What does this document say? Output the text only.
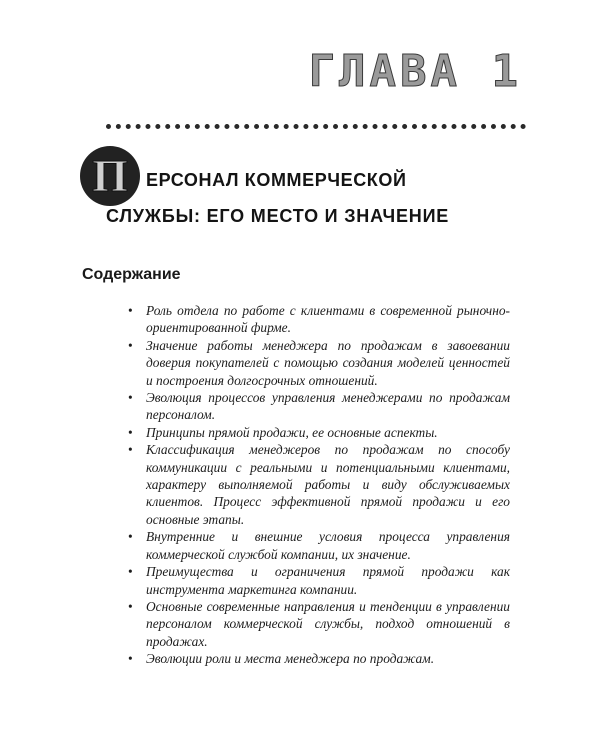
ГЛАВА 1
П ЕРСОНАЛ КОММЕРЧЕСКОЙ
СЛУЖБЫ: ЕГО МЕСТО И ЗНАЧЕНИЕ
Содержание
• Роль отдела по работе с клиентами в современной рыночно-ориентированной фирме.
• Значение работы менеджера по продажам в завоевании доверия покупателей с помощью создания моделей ценностей и построения долгосрочных отношений.
• Эволюция процессов управления менеджерами по продажам персоналом.
• Принципы прямой продажи, ее основные аспекты.
• Классификация менеджеров по продажам по способу коммуникации с реальными и потенциальными клиентами, характеру выполняемой работы и виду обслуживаемых клиентов. Процесс эффективной прямой продажи и его основные этапы.
• Внутренние и внешние условия процесса управления коммерческой службой компании, их значение.
• Преимущества и ограничения прямой продажи как инструмента маркетинга компании.
• Основные современные направления и тенденции в управлении персоналом коммерческой службы, подход отношений в продажах.
• Эволюции роли и места менеджера по продажам.
